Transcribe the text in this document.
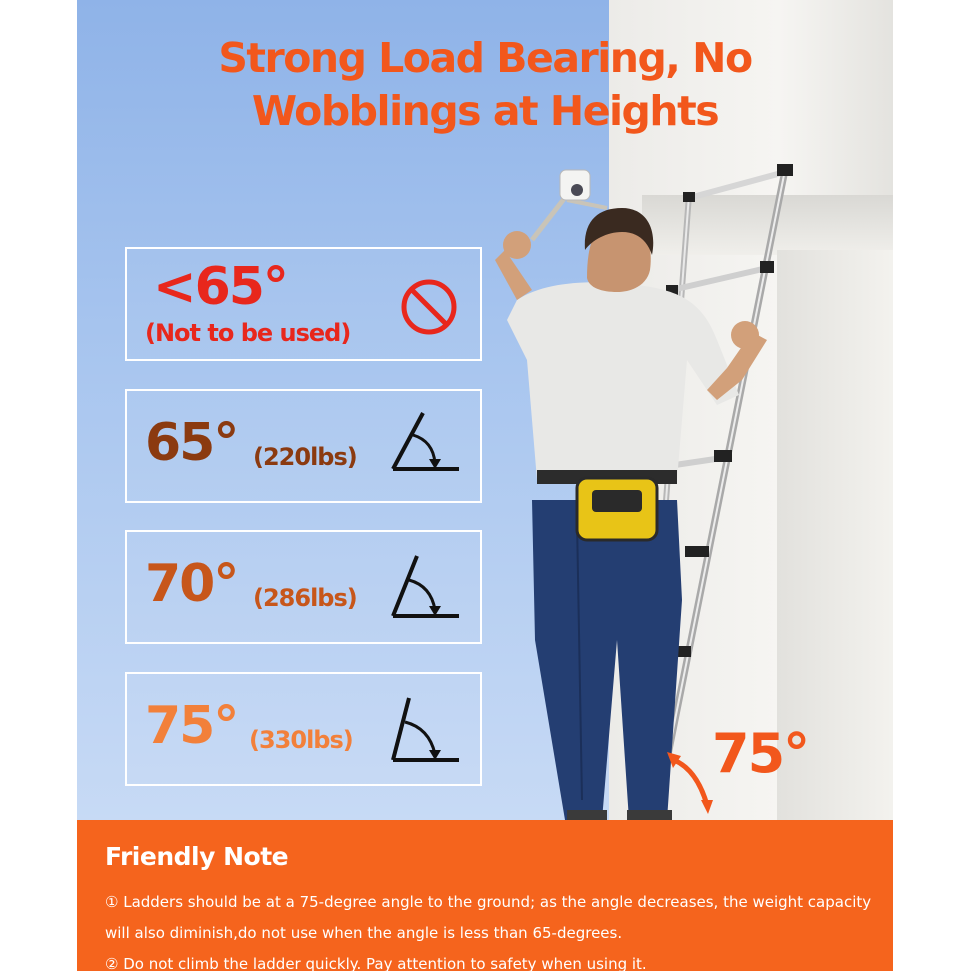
Strong Load Bearing, No
Wobblings at Heights
<65°
(Not to be used)
65° (220lbs)
70° (286lbs)
75° (330lbs)	75°
Friendly Note
① Ladders should be at a 75-degree angle to the ground; as the angle decreases, the weight capacity
will also diminish,do not use when the angle is less than 65-degrees.
② Do not climb the ladder quickly. Pay attention to safety when using it.
